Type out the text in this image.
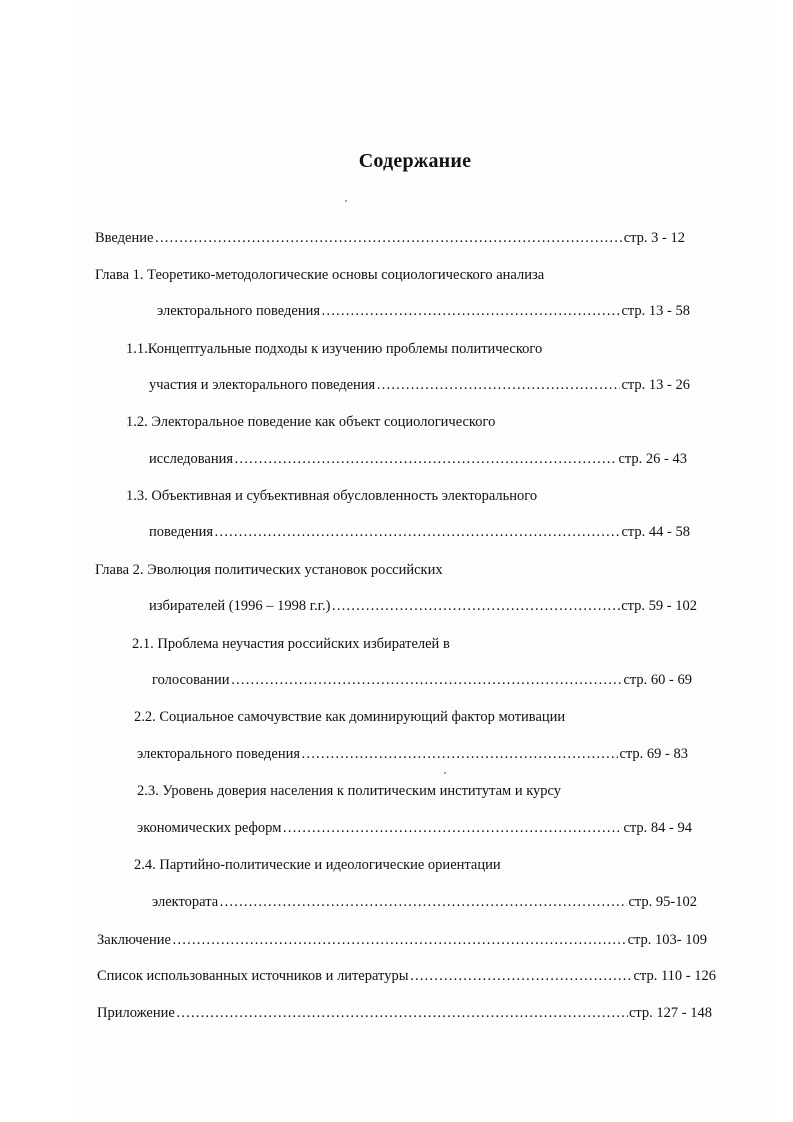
Содержание
Введение …………………………………………………………………………………………………………………………………………………………………………	стр. 3 - 12
Глава 1. Теоретико-методологические основы социологического анализа
электорального поведения …………………………………………………………………………………………………………………………………………………………………………	стр. 13 - 58
1.1.Концептуальные подходы к изучению проблемы политического
участия и электорального поведения …………………………………………………………………………………………………………………………………………………………………………	стр. 13 - 26
1.2. Электоральное поведение как объект социологического
исследования …………………………………………………………………………………………………………………………………………………………………………	стр. 26 - 43
1.3. Объективная и субъективная обусловленность электорального
поведения …………………………………………………………………………………………………………………………………………………………………………	стр. 44 - 58
Глава 2. Эволюция политических установок российских
избирателей (1996 – 1998 г.г.) …………………………………………………………………………………………………………………………………………………………………………	стр. 59 - 102
2.1. Проблема неучастия российских избирателей в
голосовании …………………………………………………………………………………………………………………………………………………………………………	стр. 60 - 69
2.2. Социальное самочувствие как доминирующий фактор мотивации
электорального поведения …………………………………………………………………………………………………………………………………………………………………………	стр. 69 - 83
2.3. Уровень доверия населения к политическим институтам и курсу
экономических реформ …………………………………………………………………………………………………………………………………………………………………………	стр. 84 - 94
2.4. Партийно-политические и идеологические ориентации
электората …………………………………………………………………………………………………………………………………………………………………………	стр. 95-102
Заключение …………………………………………………………………………………………………………………………………………………………………………	стр. 103- 109
Список использованных источников и литературы …………………………………………………………………………………………………………………………………………………………………………	стр. 110 - 126
Приложение …………………………………………………………………………………………………………………………………………………………………………	стр. 127 - 148
